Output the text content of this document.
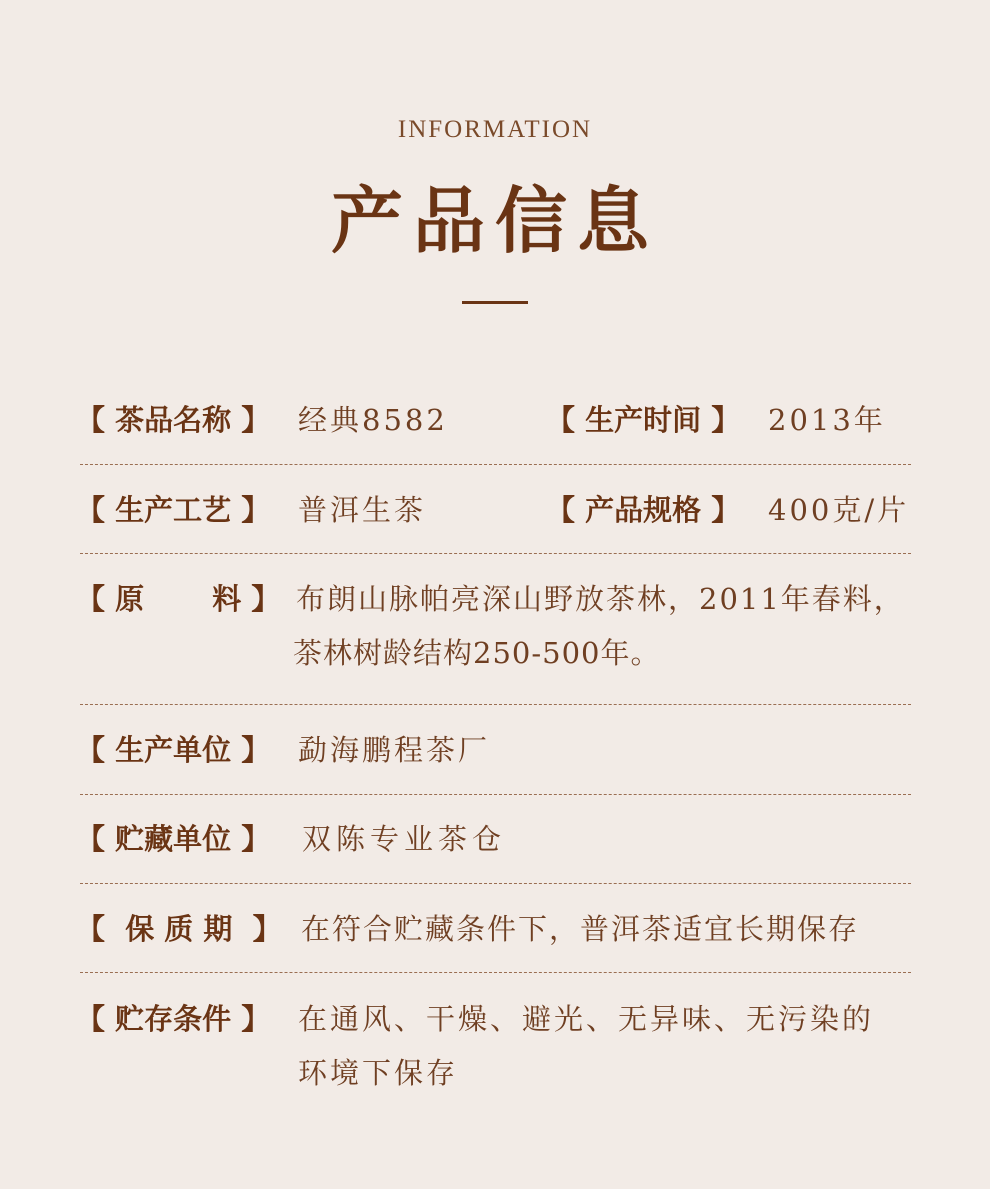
INFORMATION
产品信息
【 茶品名称 】 经典8582	【 生产时间 】 2013年
【 生产工艺 】 普洱生茶	【 产品规格 】 400克/片
【 原　　 料 】 布朗山脉帕亮深山野放茶林，2011年春料，
茶林树龄结构250-500年。
【 生产单位 】 勐海鹏程茶厂
【 贮藏单位 】 双陈专业茶仓
【  保 质 期  】 在符合贮藏条件下，普洱茶适宜长期保存
【 贮存条件 】 在通风、干燥、避光、无异味、无污染的
环境下保存
